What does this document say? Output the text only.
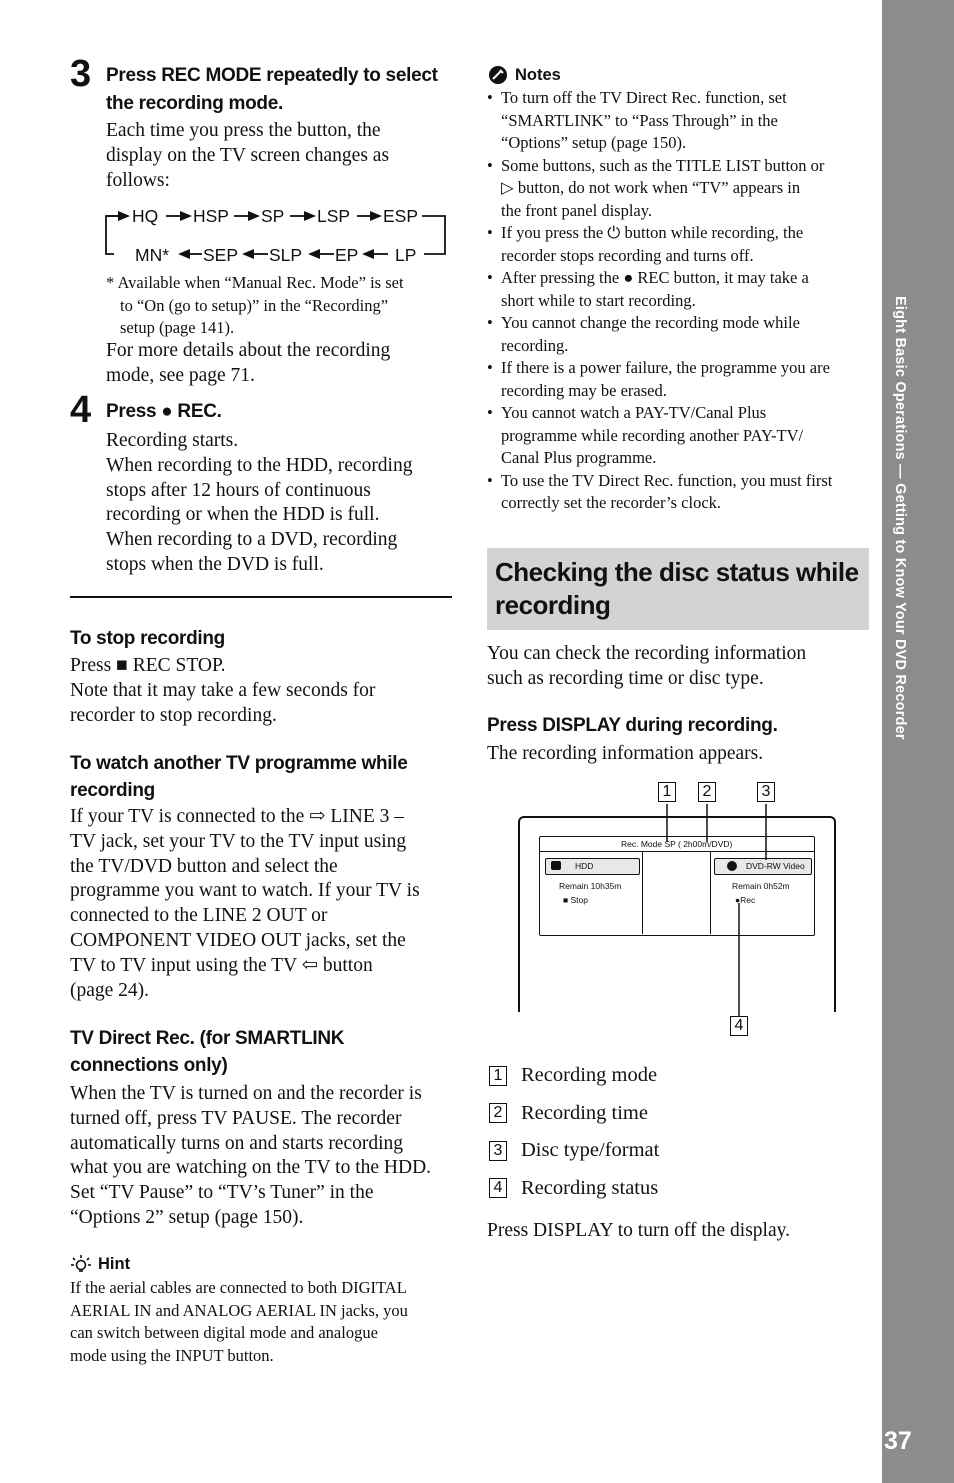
3 Press REC MODE repeatedly to select
the recording mode.
Each time you press the button, the
display on the TV screen changes as
follows:
HQ HSP SP LSP ESP
MN* SEP SLP EP LP
* Available when “Manual Rec. Mode” is set
to “On (go to setup)” in the “Recording”
setup (page 141).
For more details about the recording
mode, see page 71.
4 Press ● REC.
Recording starts.
When recording to the HDD, recording
stops after 12 hours of continuous
recording or when the HDD is full.
When recording to a DVD, recording
stops when the DVD is full.
To stop recording
Press ■ REC STOP.
Note that it may take a few seconds for
recorder to stop recording.
To watch another TV programme while
recording
If your TV is connected to the ⇨ LINE 3 –
TV jack, set your TV to the TV input using
the TV/DVD button and select the
programme you want to watch. If your TV is
connected to the LINE 2 OUT or
COMPONENT VIDEO OUT jacks, set the
TV to TV input using the TV ⇦ button
(page 24).
TV Direct Rec. (for SMARTLINK
connections only)
When the TV is turned on and the recorder is
turned off, press TV PAUSE. The recorder
automatically turns on and starts recording
what you are watching on the TV to the HDD.
Set “TV Pause” to “TV’s Tuner” in the
“Options 2” setup (page 150).
Hint
If the aerial cables are connected to both DIGITAL
AERIAL IN and ANALOG AERIAL IN jacks, you
can switch between digital mode and analogue
mode using the INPUT button.
Notes
• To turn off the TV Direct Rec. function, set
“SMARTLINK” to “Pass Through” in the
“Options” setup (page 150).
• Some buttons, such as the TITLE LIST button or
▷ button, do not work when “TV” appears in
the front panel display.
• If you press the ⏻ button while recording, the
recorder stops recording and turns off.
• After pressing the ● REC button, it may take a
short while to start recording.
• You cannot change the recording mode while
recording.
• If there is a power failure, the programme you are
recording may be erased.
• You cannot watch a PAY-TV/Canal Plus
programme while recording another PAY-TV/
Canal Plus programme.
• To use the TV Direct Rec. function, you must first
correctly set the recorder’s clock.
Checking the disc status while
recording
You can check the recording information
such as recording time or disc type.
Press DISPLAY during recording.
The recording information appears.
1 2	3
4
Rec. Mode SP ( 2h00m/DVD)
HDD
Remain 10h35m
■ Stop
DVD-RW Video
Remain 0h52m
●Rec
1 Recording mode
2 Recording time
3 Disc type/format
4 Recording status
Press DISPLAY to turn off the display.
Eight Basic Operations — Getting to Know Your DVD Recorder
37
